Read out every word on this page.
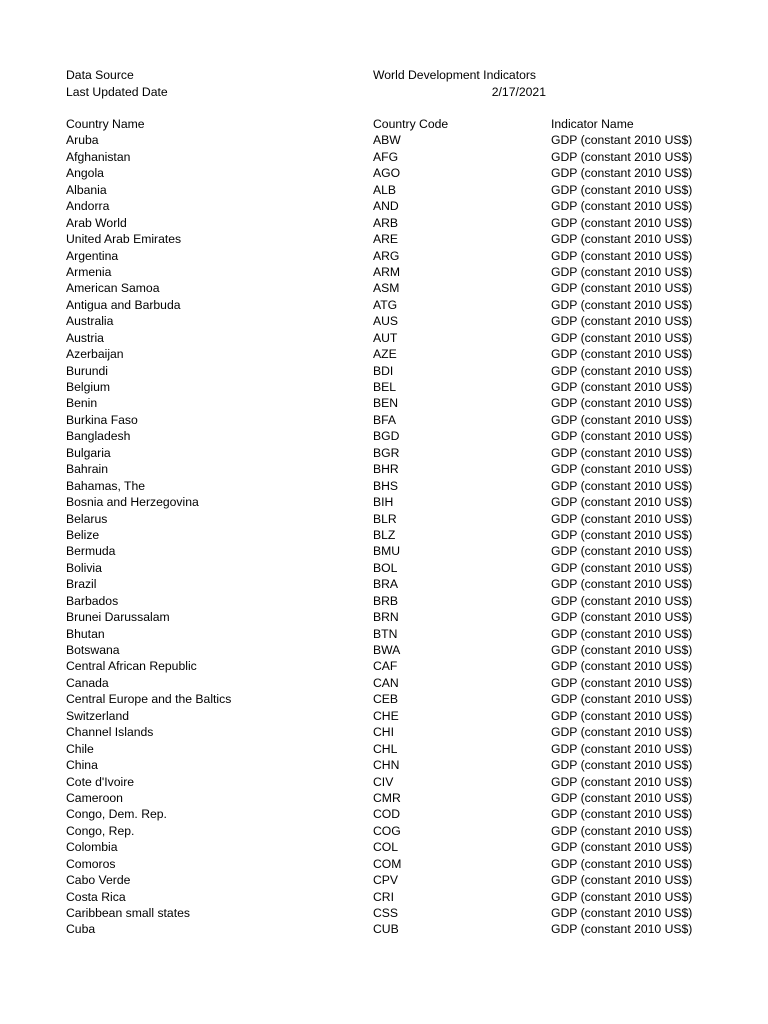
Data Source	World Development Indicators
Last Updated Date	2/17/2021
Country Name	Country Code	Indicator Name
Aruba	ABW	GDP (constant 2010 US$)
Afghanistan	AFG	GDP (constant 2010 US$)
Angola	AGO	GDP (constant 2010 US$)
Albania	ALB	GDP (constant 2010 US$)
Andorra	AND	GDP (constant 2010 US$)
Arab World	ARB	GDP (constant 2010 US$)
United Arab Emirates	ARE	GDP (constant 2010 US$)
Argentina	ARG	GDP (constant 2010 US$)
Armenia	ARM	GDP (constant 2010 US$)
American Samoa	ASM	GDP (constant 2010 US$)
Antigua and Barbuda	ATG	GDP (constant 2010 US$)
Australia	AUS	GDP (constant 2010 US$)
Austria	AUT	GDP (constant 2010 US$)
Azerbaijan	AZE	GDP (constant 2010 US$)
Burundi	BDI	GDP (constant 2010 US$)
Belgium	BEL	GDP (constant 2010 US$)
Benin	BEN	GDP (constant 2010 US$)
Burkina Faso	BFA	GDP (constant 2010 US$)
Bangladesh	BGD	GDP (constant 2010 US$)
Bulgaria	BGR	GDP (constant 2010 US$)
Bahrain	BHR	GDP (constant 2010 US$)
Bahamas, The	BHS	GDP (constant 2010 US$)
Bosnia and Herzegovina	BIH	GDP (constant 2010 US$)
Belarus	BLR	GDP (constant 2010 US$)
Belize	BLZ	GDP (constant 2010 US$)
Bermuda	BMU	GDP (constant 2010 US$)
Bolivia	BOL	GDP (constant 2010 US$)
Brazil	BRA	GDP (constant 2010 US$)
Barbados	BRB	GDP (constant 2010 US$)
Brunei Darussalam	BRN	GDP (constant 2010 US$)
Bhutan	BTN	GDP (constant 2010 US$)
Botswana	BWA	GDP (constant 2010 US$)
Central African Republic	CAF	GDP (constant 2010 US$)
Canada	CAN	GDP (constant 2010 US$)
Central Europe and the Baltics	CEB	GDP (constant 2010 US$)
Switzerland	CHE	GDP (constant 2010 US$)
Channel Islands	CHI	GDP (constant 2010 US$)
Chile	CHL	GDP (constant 2010 US$)
China	CHN	GDP (constant 2010 US$)
Cote d'Ivoire	CIV	GDP (constant 2010 US$)
Cameroon	CMR	GDP (constant 2010 US$)
Congo, Dem. Rep.	COD	GDP (constant 2010 US$)
Congo, Rep.	COG	GDP (constant 2010 US$)
Colombia	COL	GDP (constant 2010 US$)
Comoros	COM	GDP (constant 2010 US$)
Cabo Verde	CPV	GDP (constant 2010 US$)
Costa Rica	CRI	GDP (constant 2010 US$)
Caribbean small states	CSS	GDP (constant 2010 US$)
Cuba	CUB	GDP (constant 2010 US$)
